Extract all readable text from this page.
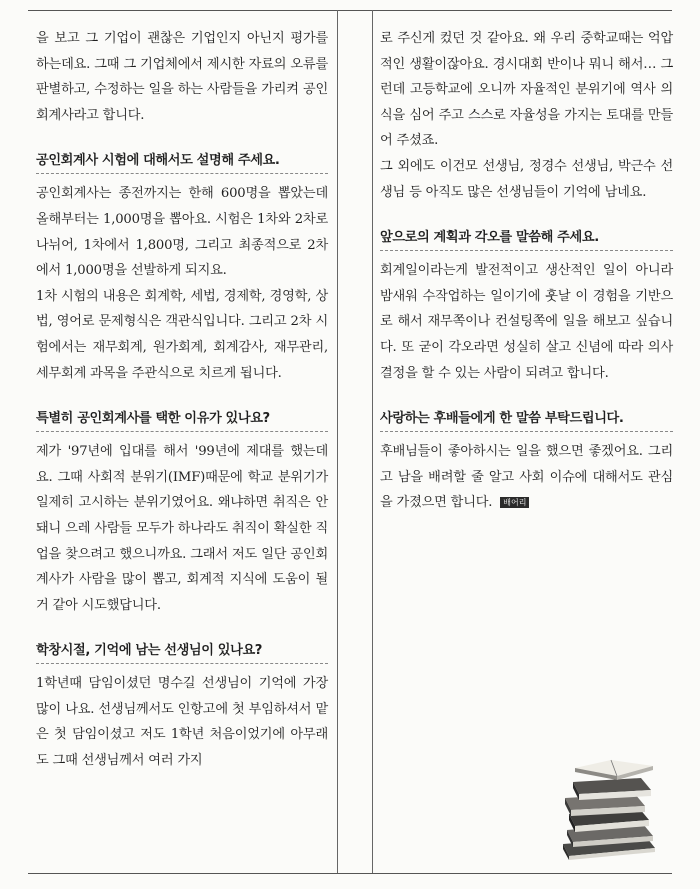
을 보고 그 기업이 괜찮은 기업인지 아닌지 평가를 하는데요. 그때 그 기업체에서 제시한 자료의 오류를 판별하고, 수정하는 일을 하는 사람들을 가리켜 공인회계사라고 합니다.

공인회계사 시험에 대해서도 설명해 주세요.

공인회계사는 종전까지는 한해 600명을 뽑았는데 올해부터는 1,000명을 뽑아요. 시험은 1차와 2차로 나뉘어, 1차에서 1,800명, 그리고 최종적으로 2차에서 1,000명을 선발하게 되지요.

1차 시험의 내용은 회계학, 세법, 경제학, 경영학, 상법, 영어로 문제형식은 객관식입니다. 그리고 2차 시험에서는 재무회계, 원가회계, 회계감사, 재무관리, 세무회계 과목을 주관식으로 치르게 됩니다.

특별히 공인회계사를 택한 이유가 있나요?

제가 '97년에 입대를 해서 '99년에 제대를 했는데요. 그때 사회적 분위기(IMF)때문에 학교 분위기가 일제히 고시하는 분위기였어요. 왜냐하면 취직은 안돼니 으레 사람들 모두가 하나라도 취직이 확실한 직업을 찾으려고 했으니까요. 그래서 저도 일단 공인회계사가 사람을 많이 뽑고, 회계적 지식에 도움이 될거 같아 시도했답니다.

학창시절, 기억에 남는 선생님이 있나요?

1학년때 담임이셨던 명수길 선생님이 기억에 가장 많이 나요. 선생님께서도 인항고에 첫 부임하셔서 맡은 첫 담임이셨고 저도 1학년 처음이었기에 아무래도 그때 선생님께서 여러 가지

로 주신게 컸던 것 같아요. 왜 우리 중학교때는 억압적인 생활이잖아요. 경시대회 반이나 뭐니 해서… 그런데 고등학교에 오니까 자율적인 분위기에 역사 의식을 심어 주고 스스로 자율성을 가지는 토대를 만들어 주셨죠.

그 외에도 이건모 선생님, 정경수 선생님, 박근수 선생님 등 아직도 많은 선생님들이 기억에 남네요.

앞으로의 계획과 각오를 말씀해 주세요.

회계일이라는게 발전적이고 생산적인 일이 아니라 밤새워 수작업하는 일이기에 훗날 이 경험을 기반으로 해서 재무쪽이나 컨설팅쪽에 일을 해보고 싶습니다. 또 굳이 각오라면 성실히 살고 신념에 따라 의사결정을 할 수 있는 사람이 되려고 합니다.

사랑하는 후배들에게 한 말씀 부탁드립니다.

후배님들이 좋아하시는 일을 했으면 좋겠어요. 그리고 남을 배려할 줄 알고 사회 이슈에 대해서도 관심을 가졌으면 합니다. 배어리
